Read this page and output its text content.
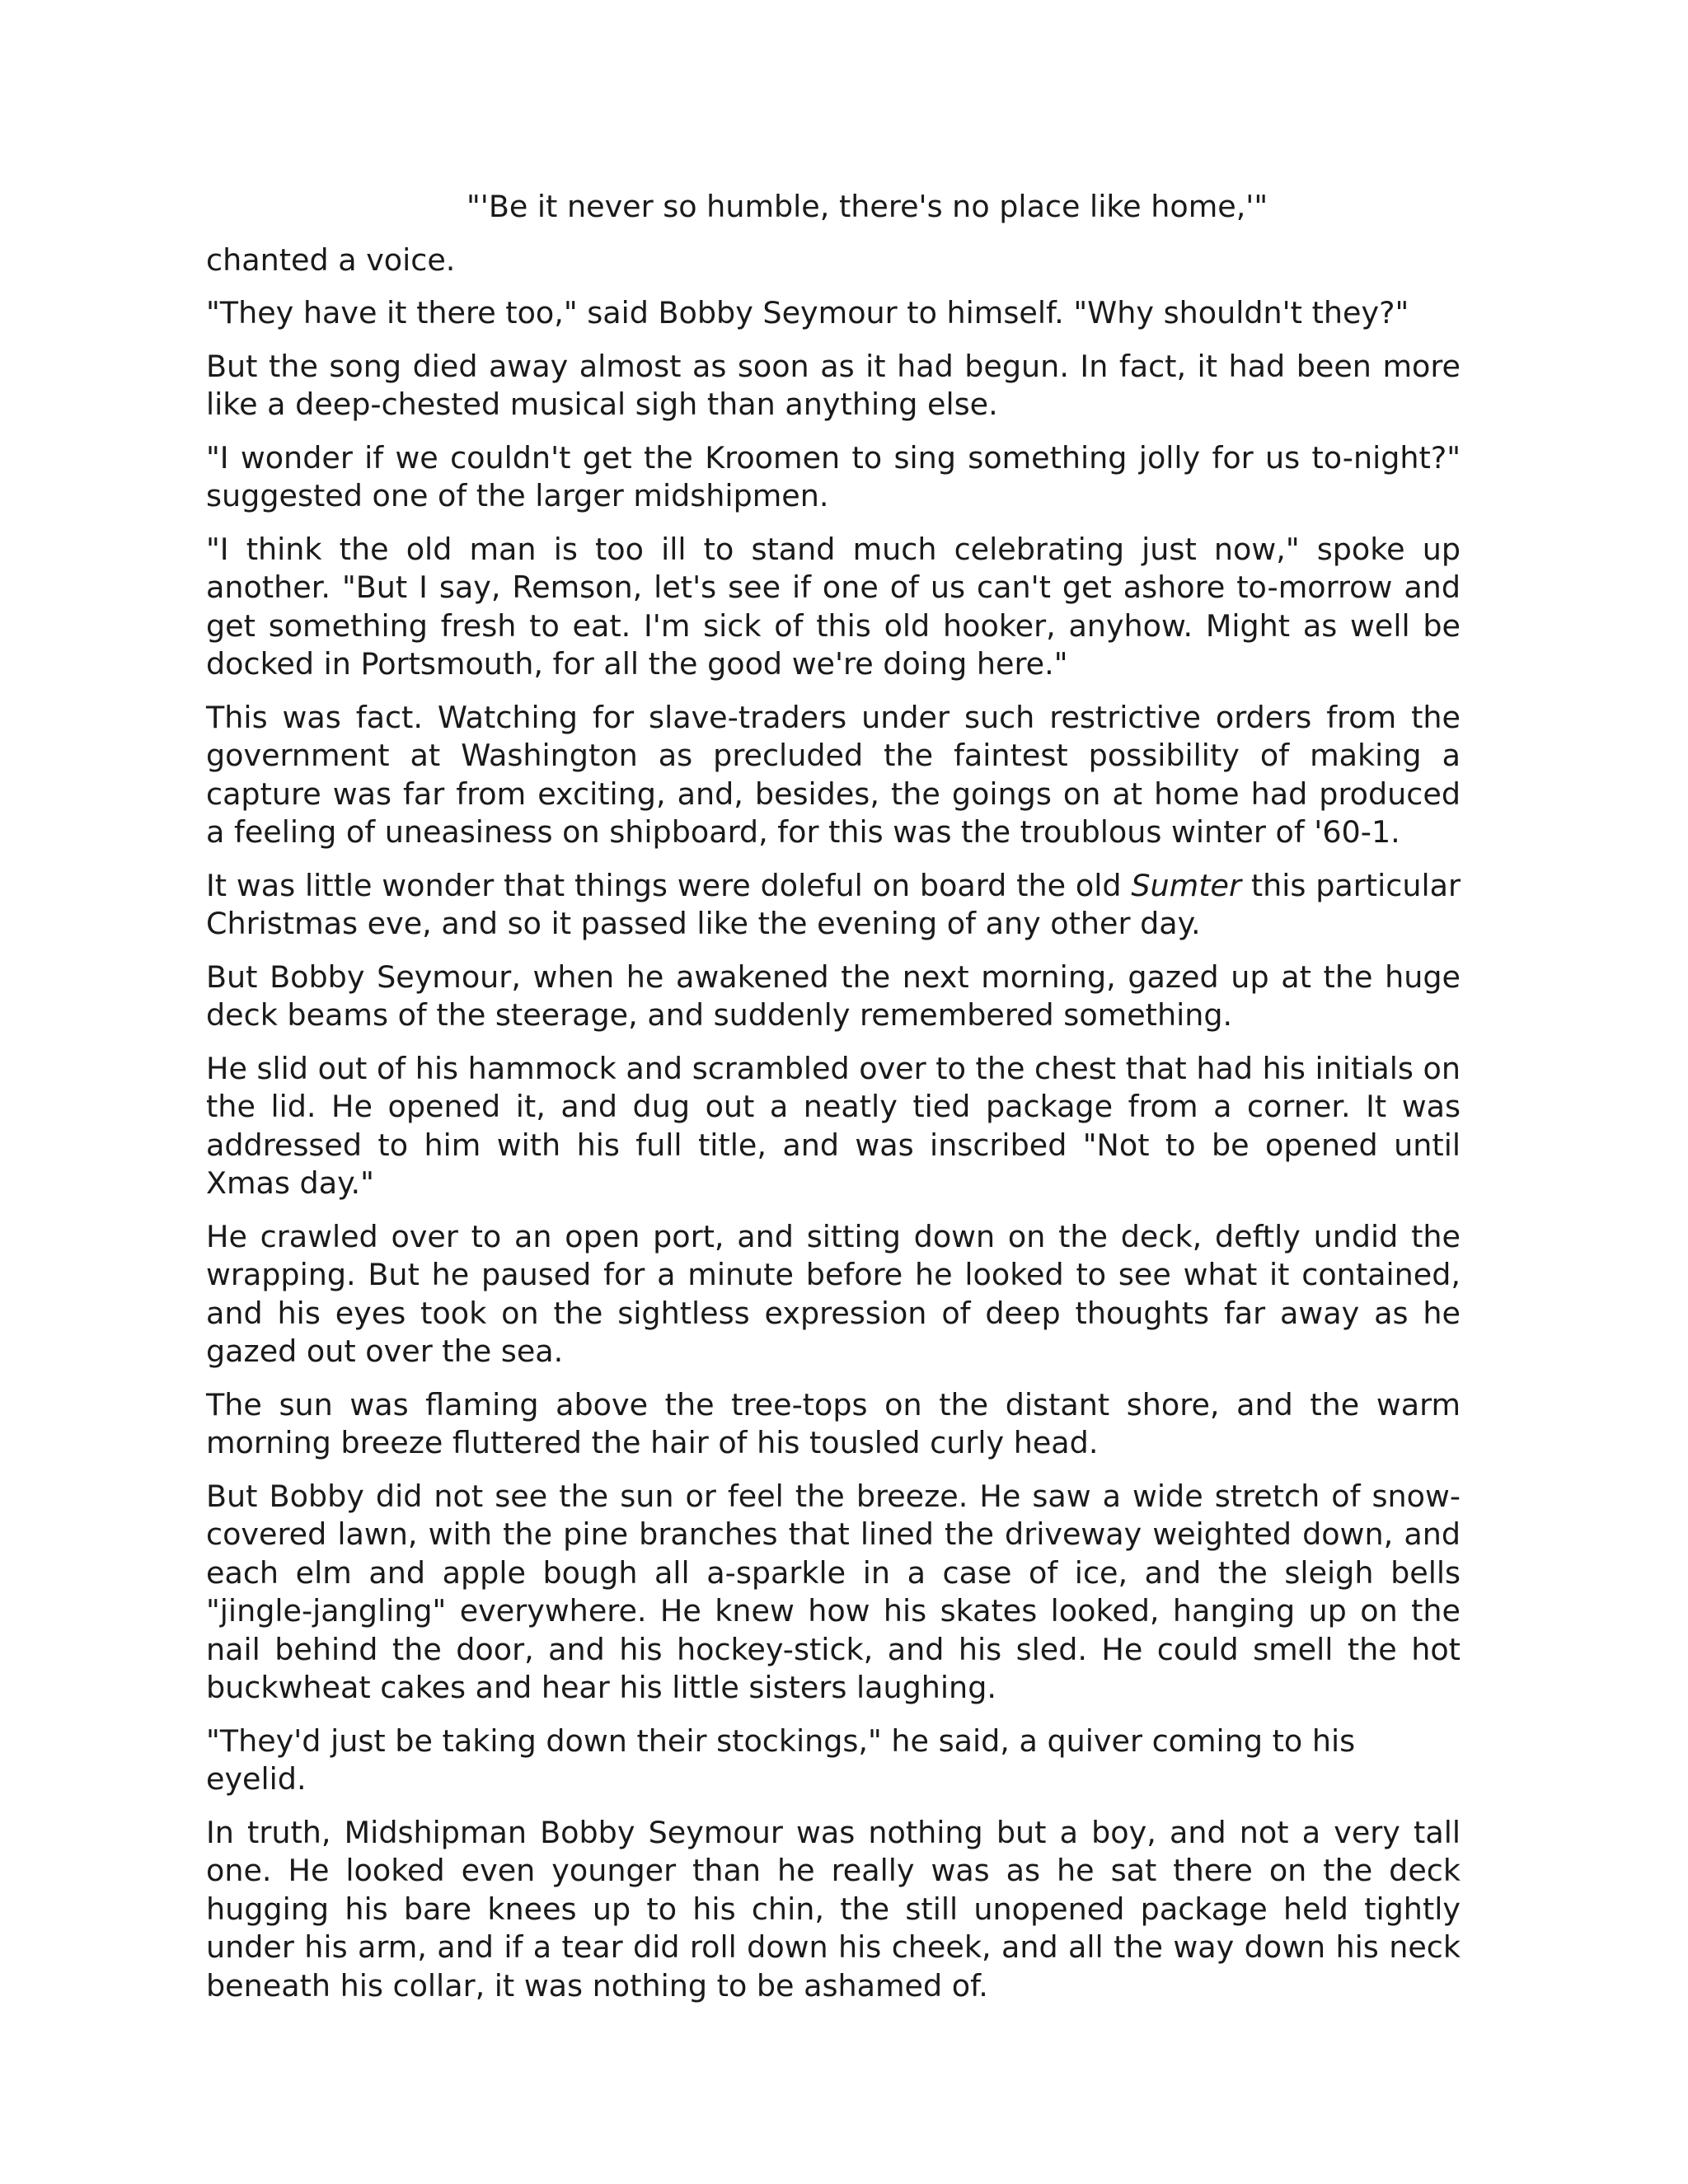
"'Be it never so humble, there's no place like home,'"

chanted a voice.

"They have it there too," said Bobby Seymour to himself. "Why shouldn't they?"

But the song died away almost as soon as it had begun. In fact, it had been more like a deep-chested musical sigh than anything else.

"I wonder if we couldn't get the Kroomen to sing something jolly for us to-night?" suggested one of the larger midshipmen.

"I think the old man is too ill to stand much celebrating just now," spoke up another. "But I say, Remson, let's see if one of us can't get ashore to-morrow and get something fresh to eat. I'm sick of this old hooker, anyhow. Might as well be docked in Portsmouth, for all the good we're doing here."

This was fact. Watching for slave-traders under such restrictive orders from the government at Washington as precluded the faintest possibility of making a capture was far from exciting, and, besides, the goings on at home had produced a feeling of uneasiness on shipboard, for this was the troublous winter of '60-1.

It was little wonder that things were doleful on board the old Sumter this particular Christmas eve, and so it passed like the evening of any other day.

But Bobby Seymour, when he awakened the next morning, gazed up at the huge deck beams of the steerage, and suddenly remembered something.

He slid out of his hammock and scrambled over to the chest that had his initials on the lid. He opened it, and dug out a neatly tied package from a corner. It was addressed to him with his full title, and was inscribed "Not to be opened until Xmas day."

He crawled over to an open port, and sitting down on the deck, deftly undid the wrapping. But he paused for a minute before he looked to see what it contained, and his eyes took on the sightless expression of deep thoughts far away as he gazed out over the sea.

The sun was flaming above the tree-tops on the distant shore, and the warm morning breeze fluttered the hair of his tousled curly head.

But Bobby did not see the sun or feel the breeze. He saw a wide stretch of snow-covered lawn, with the pine branches that lined the driveway weighted down, and each elm and apple bough all a-sparkle in a case of ice, and the sleigh bells "jingle-jangling" everywhere. He knew how his skates looked, hanging up on the nail behind the door, and his hockey-stick, and his sled. He could smell the hot buckwheat cakes and hear his little sisters laughing.

"They'd just be taking down their stockings," he said, a quiver coming to his eyelid.

In truth, Midshipman Bobby Seymour was nothing but a boy, and not a very tall one. He looked even younger than he really was as he sat there on the deck hugging his bare knees up to his chin, the still unopened package held tightly under his arm, and if a tear did roll down his cheek, and all the way down his neck beneath his collar, it was nothing to be ashamed of.
